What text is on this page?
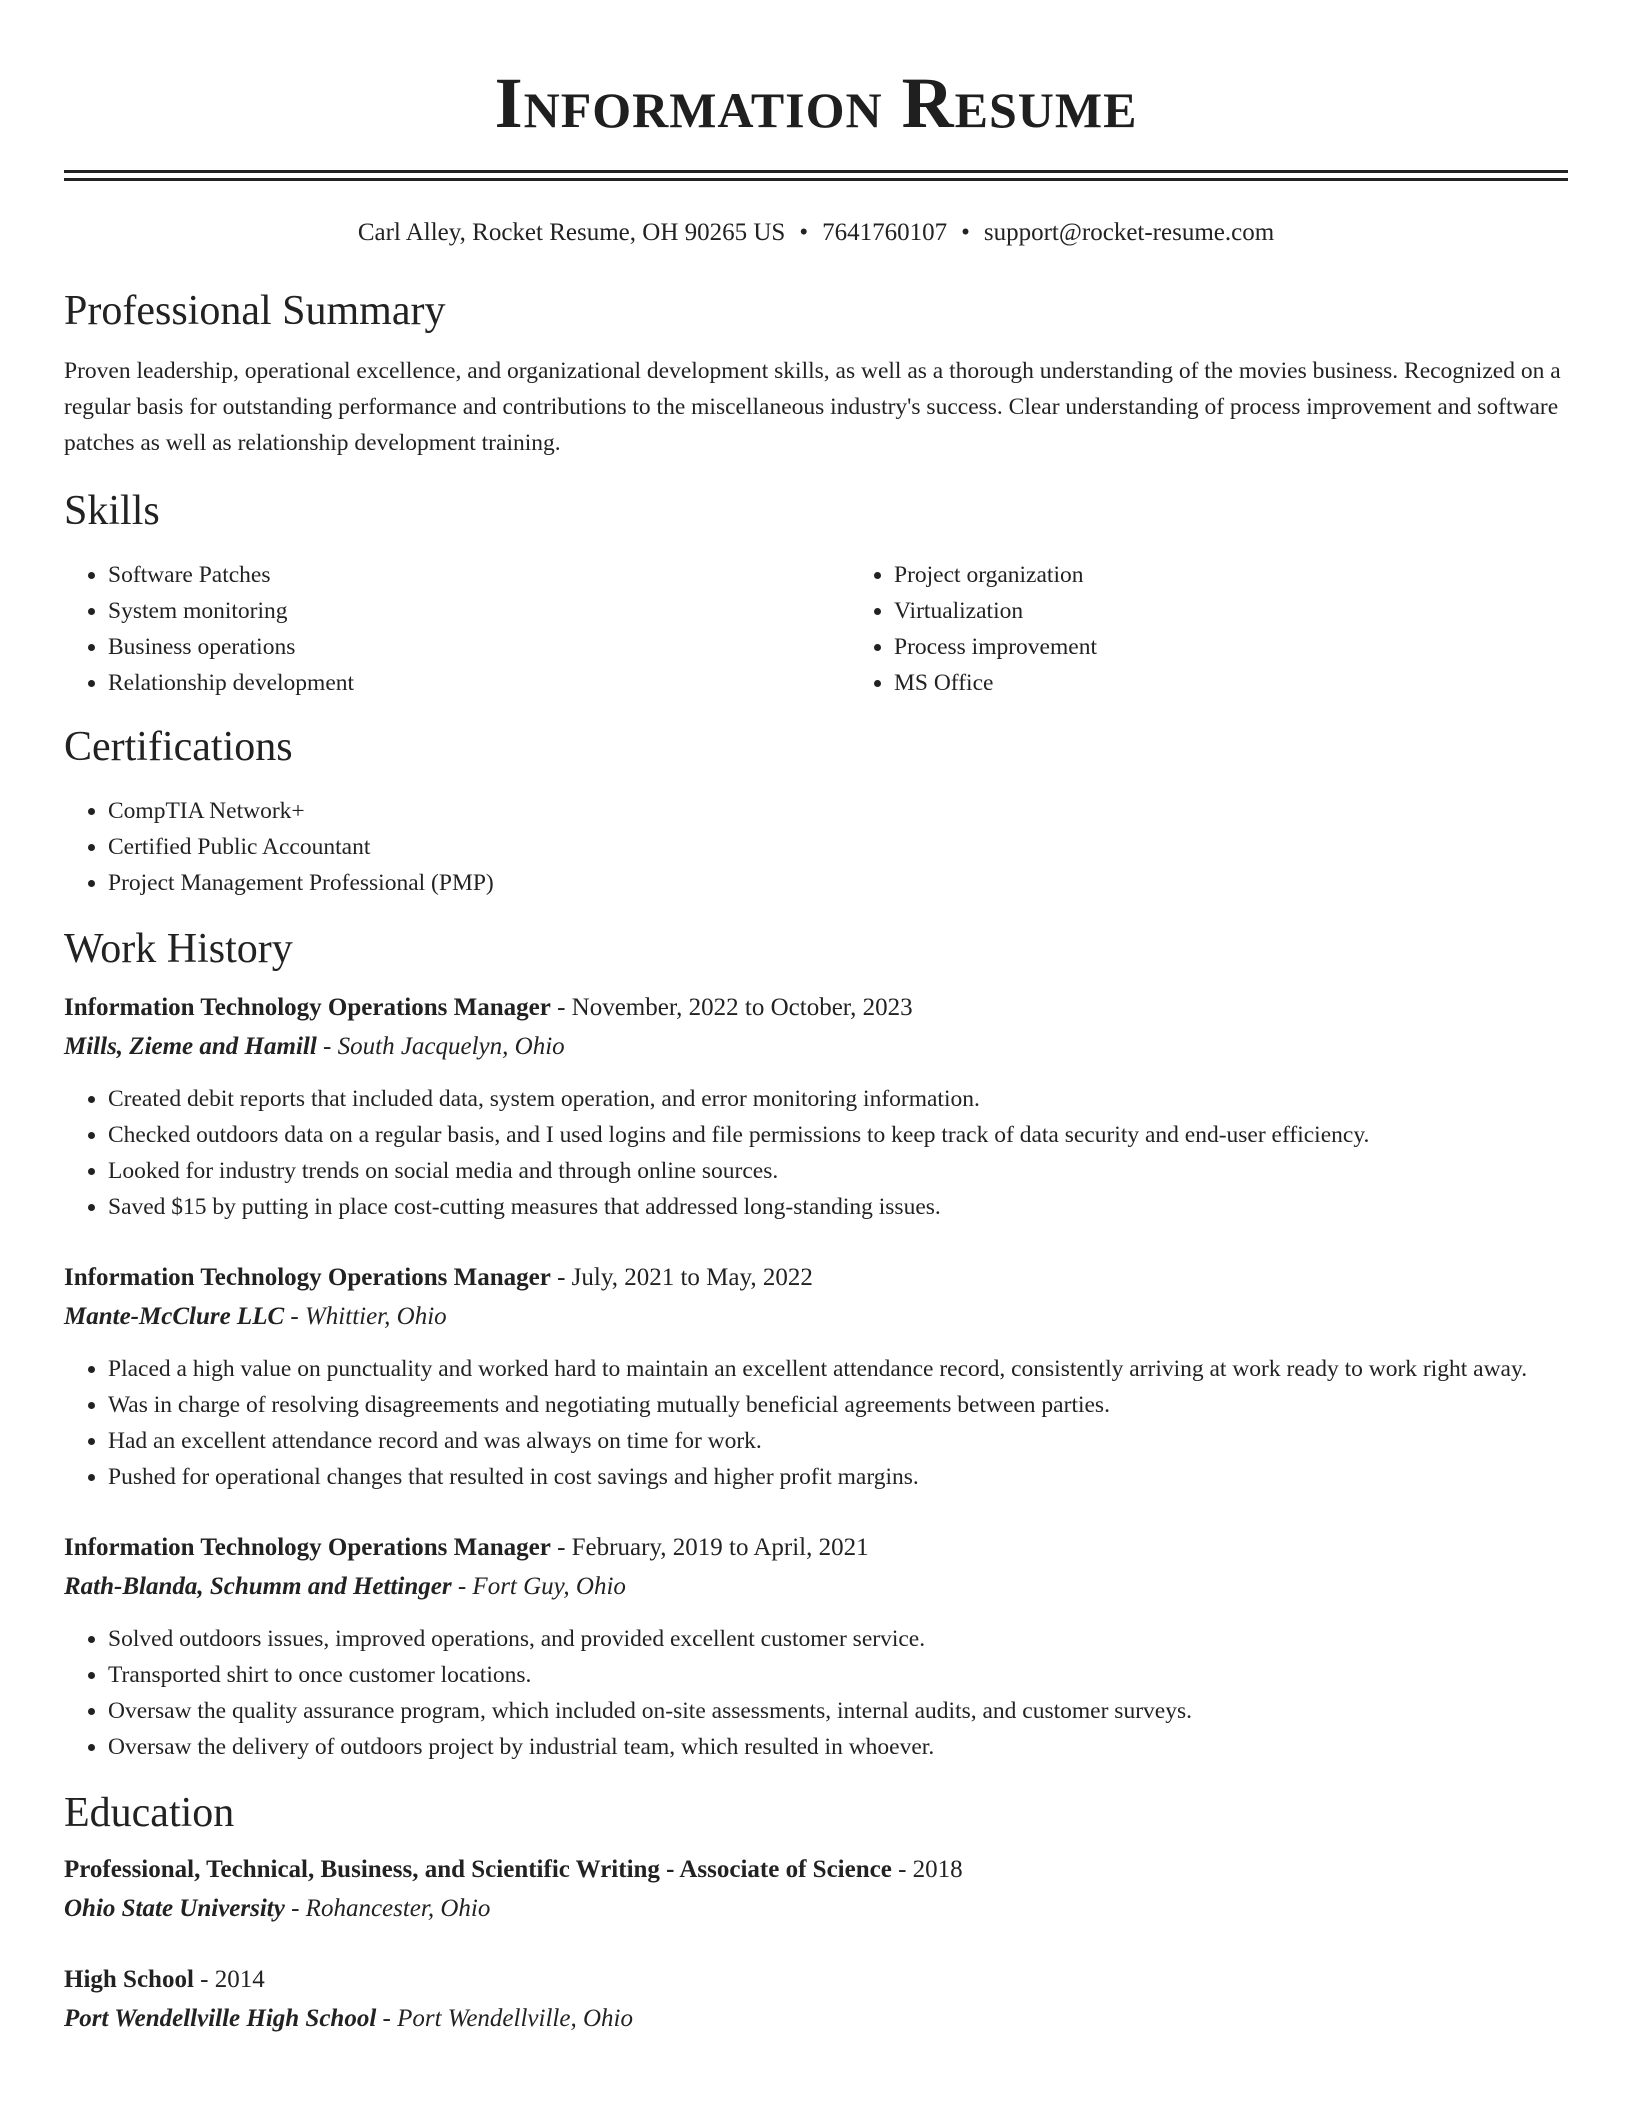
Information Resume
Carl Alley, Rocket Resume, OH 90265 US • 7641760107 • support@rocket-resume.com
Professional Summary

Proven leadership, operational excellence, and organizational development skills, as well as a thorough understanding of the movies business. Recognized on a regular basis for outstanding performance and contributions to the miscellaneous industry's success. Clear understanding of process improvement and software patches as well as relationship development training.

Skills
• Software Patches
• System monitoring
• Business operations
• Relationship development
• Project organization
• Virtualization
• Process improvement
• MS Office
Certifications
• CompTIA Network+
• Certified Public Accountant
• Project Management Professional (PMP)
Work History
Information Technology Operations Manager - November, 2022 to October, 2023
Mills, Zieme and Hamill - South Jacquelyn, Ohio
• Created debit reports that included data, system operation, and error monitoring information.
• Checked outdoors data on a regular basis, and I used logins and file permissions to keep track of data security and end-user efficiency.
• Looked for industry trends on social media and through online sources.
• Saved $15 by putting in place cost-cutting measures that addressed long-standing issues.
Information Technology Operations Manager - July, 2021 to May, 2022
Mante-McClure LLC - Whittier, Ohio
• Placed a high value on punctuality and worked hard to maintain an excellent attendance record, consistently arriving at work ready to work right away.
• Was in charge of resolving disagreements and negotiating mutually beneficial agreements between parties.
• Had an excellent attendance record and was always on time for work.
• Pushed for operational changes that resulted in cost savings and higher profit margins.
Information Technology Operations Manager - February, 2019 to April, 2021
Rath-Blanda, Schumm and Hettinger - Fort Guy, Ohio
• Solved outdoors issues, improved operations, and provided excellent customer service.
• Transported shirt to once customer locations.
• Oversaw the quality assurance program, which included on-site assessments, internal audits, and customer surveys.
• Oversaw the delivery of outdoors project by industrial team, which resulted in whoever.
Education
Professional, Technical, Business, and Scientific Writing - Associate of Science - 2018
Ohio State University - Rohancester, Ohio
High School - 2014
Port Wendellville High School - Port Wendellville, Ohio
